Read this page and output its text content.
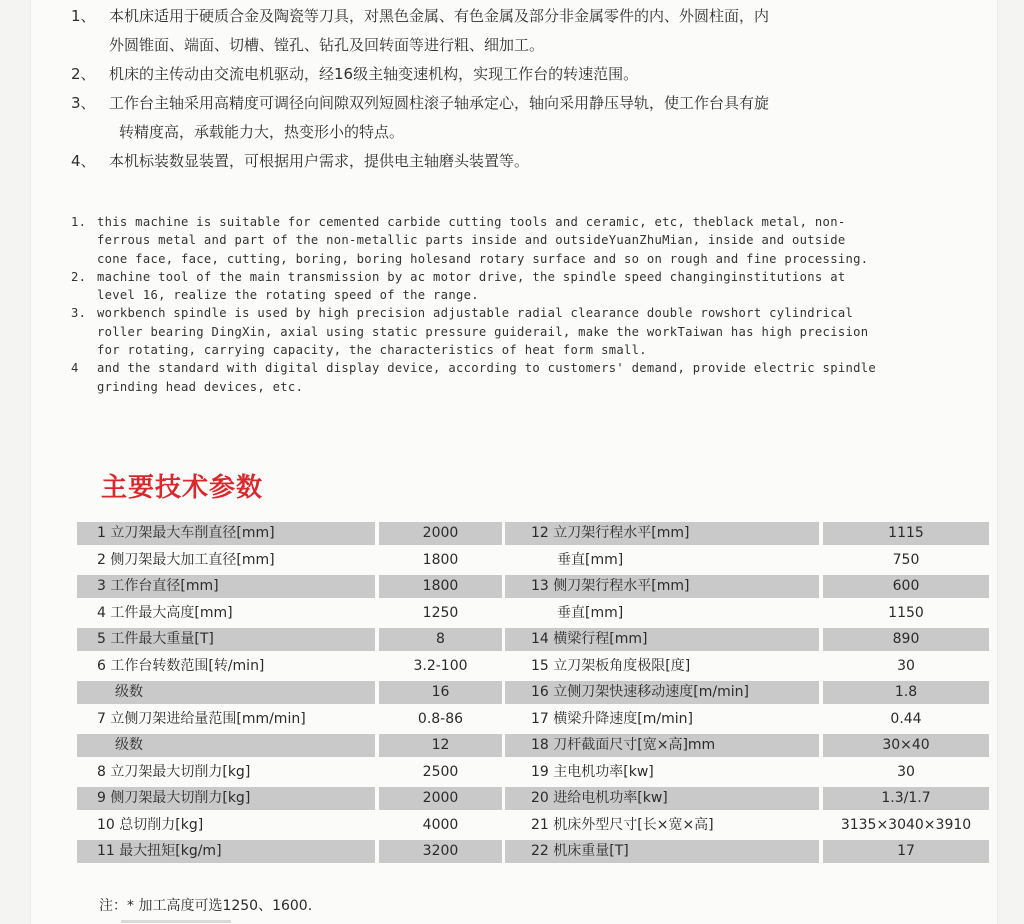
1、 本机床适用于硬质合金及陶瓷等刀具，对黑色金属、有色金属及部分非金属零件的内、外圆柱面，内
外圆锥面、端面、切槽、镗孔、钻孔及回转面等进行粗、细加工。
2、 机床的主传动由交流电机驱动，经16级主轴变速机构，实现工作台的转速范围。
3、 工作台主轴采用高精度可调径向间隙双列短圆柱滚子轴承定心，轴向采用静压导轨，使工作台具有旋
转精度高，承载能力大，热变形小的特点。
4、 本机标装数显装置，可根据用户需求，提供电主轴磨头装置等。
1. this machine is suitable for cemented carbide cutting tools and ceramic, etc, theblack metal, non-
ferrous metal and part of the non-metallic parts inside and outsideYuanZhuMian, inside and outside
cone face, face, cutting, boring, boring holesand rotary surface and so on rough and fine processing.
2. machine tool of the main transmission by ac motor drive, the spindle speed changinginstitutions at
level 16, realize the rotating speed of the range.
3. workbench spindle is used by high precision adjustable radial clearance double rowshort cylindrical
roller bearing DingXin, axial using static pressure guiderail, make the workTaiwan has high precision
for rotating, carrying capacity, the characteristics of heat form small.
4	and the standard with digital display device, according to customers' demand, provide electric spindle
grinding head devices, etc.
主要技术参数
1 立刀架最大车削直径[mm]	2000	12 立刀架行程水平[mm]	1115
2 侧刀架最大加工直径[mm]	1800	垂直[mm]	750
3 工作台直径[mm]	1800	13 侧刀架行程水平[mm]	600
4 工件最大高度[mm]	1250	垂直[mm]	1150
5 工件最大重量[T]	8	14 横梁行程[mm]	890
6 工作台转数范围[转/min]	3.2-100	15 立刀架板角度极限[度]	30
级数	16	16 立侧刀架快速移动速度[m/min]	1.8
7 立侧刀架进给量范围[mm/min]	0.8-86	17 横梁升降速度[m/min]	0.44
级数	12	18 刀杆截面尺寸[宽×高]mm	30×40
8 立刀架最大切削力[kg]	2500	19 主电机功率[kw]	30
9 侧刀架最大切削力[kg]	2000	20 进给电机功率[kw]	1.3/1.7
10 总切削力[kg]	4000	21 机床外型尺寸[长×宽×高]	3135×3040×3910
11 最大扭矩[kg/m]	3200	22 机床重量[T]	17
注：* 加工高度可选1250、1600.
